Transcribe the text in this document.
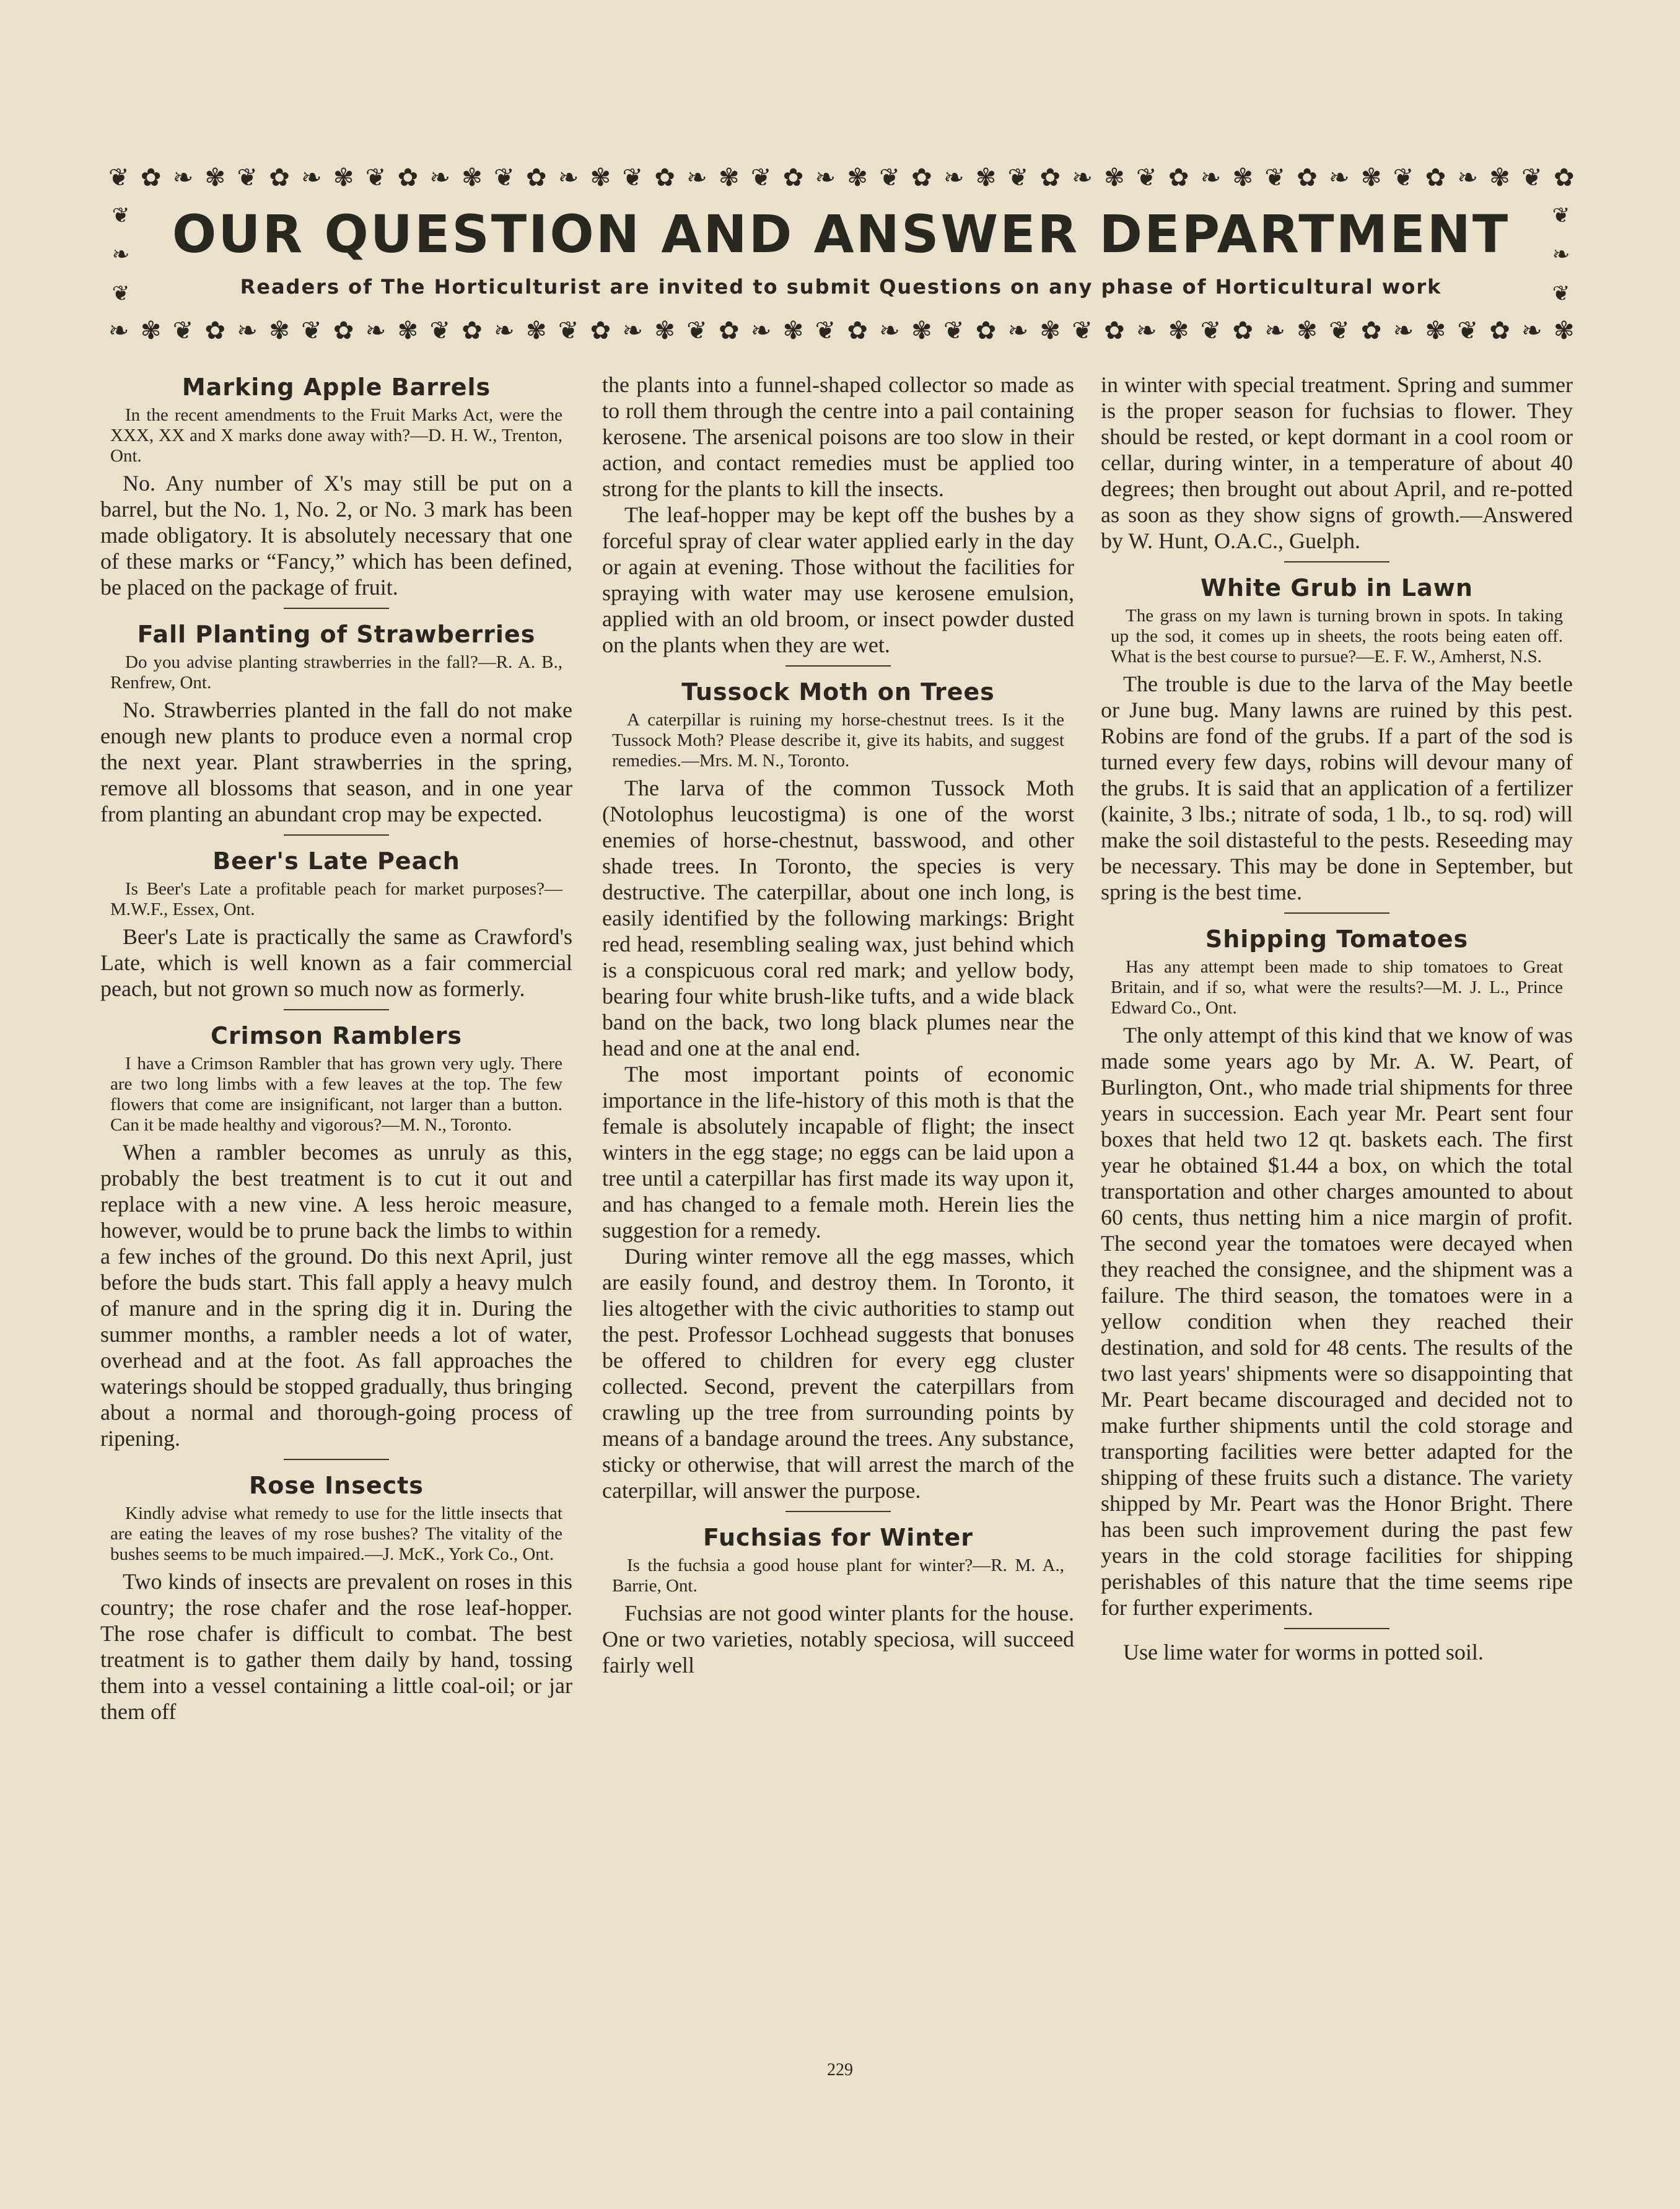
❦ ✿ ❧ ✾ ❦ ✿ ❧ ✾ ❦ ✿ ❧ ✾ ❦ ✿ ❧ ✾ ❦ ✿ ❧ ✾ ❦ ✿ ❧ ✾ ❦ ✿ ❧ ✾ ❦ ✿ ❧ ✾ ❦ ✿ ❧ ✾ ❦ ✿ ❧ ✾ ❦ ✿ ❧ ✾ ❦ ✿
❦
❧
❦
❦
❧
❦
OUR QUESTION AND ANSWER DEPARTMENT
Readers of The Horticulturist are invited to submit Questions on any phase of Horticultural work
❧ ✾ ❦ ✿ ❧ ✾ ❦ ✿ ❧ ✾ ❦ ✿ ❧ ✾ ❦ ✿ ❧ ✾ ❦ ✿ ❧ ✾ ❦ ✿ ❧ ✾ ❦ ✿ ❧ ✾ ❦ ✿ ❧ ✾ ❦ ✿ ❧ ✾ ❦ ✿ ❧ ✾ ❦ ✿ ❧ ✾
Marking Apple Barrels

In the recent amendments to the Fruit Marks Act, were the XXX, XX and X marks done away with?—D. H. W., Trenton, Ont.

No. Any number of X's may still be put on a barrel, but the No. 1, No. 2, or No. 3 mark has been made obligatory. It is absolutely necessary that one of these marks or “Fancy,” which has been defined, be placed on the package of fruit.

Fall Planting of Strawberries

Do you advise planting strawberries in the fall?—R. A. B., Renfrew, Ont.

No. Strawberries planted in the fall do not make enough new plants to produce even a normal crop the next year. Plant strawberries in the spring, remove all blossoms that season, and in one year from planting an abundant crop may be expected.

Beer's Late Peach

Is Beer's Late a profitable peach for market purposes?—M.W.F., Essex, Ont.

Beer's Late is practically the same as Crawford's Late, which is well known as a fair commercial peach, but not grown so much now as formerly.

Crimson Ramblers

I have a Crimson Rambler that has grown very ugly. There are two long limbs with a few leaves at the top. The few flowers that come are insignificant, not larger than a button. Can it be made healthy and vigorous?—M. N., Toronto.

When a rambler becomes as unruly as this, probably the best treatment is to cut it out and replace with a new vine. A less heroic measure, however, would be to prune back the limbs to within a few inches of the ground. Do this next April, just before the buds start. This fall apply a heavy mulch of manure and in the spring dig it in. During the summer months, a rambler needs a lot of water, overhead and at the foot. As fall approaches the waterings should be stopped gradually, thus bringing about a normal and thorough-going process of ripening.

Rose Insects

Kindly advise what remedy to use for the little insects that are eating the leaves of my rose bushes? The vitality of the bushes seems to be much impaired.—J. McK., York Co., Ont.

Two kinds of insects are prevalent on roses in this country; the rose chafer and the rose leaf-hopper. The rose chafer is difficult to combat. The best treatment is to gather them daily by hand, tossing them into a vessel containing a little coal-oil; or jar them off

the plants into a funnel-shaped collector so made as to roll them through the centre into a pail containing kerosene. The arsenical poisons are too slow in their action, and contact remedies must be applied too strong for the plants to kill the insects.

The leaf-hopper may be kept off the bushes by a forceful spray of clear water applied early in the day or again at evening. Those without the facilities for spraying with water may use kerosene emulsion, applied with an old broom, or insect powder dusted on the plants when they are wet.

Tussock Moth on Trees

A caterpillar is ruining my horse-chestnut trees. Is it the Tussock Moth? Please describe it, give its habits, and suggest remedies.—Mrs. M. N., Toronto.

The larva of the common Tussock Moth (Notolophus leucostigma) is one of the worst enemies of horse-chestnut, basswood, and other shade trees. In Toronto, the species is very destructive. The caterpillar, about one inch long, is easily identified by the following markings: Bright red head, resembling sealing wax, just behind which is a conspicuous coral red mark; and yellow body, bearing four white brush-like tufts, and a wide black band on the back, two long black plumes near the head and one at the anal end.

The most important points of economic importance in the life-history of this moth is that the female is absolutely incapable of flight; the insect winters in the egg stage; no eggs can be laid upon a tree until a caterpillar has first made its way upon it, and has changed to a female moth. Herein lies the suggestion for a remedy.

During winter remove all the egg masses, which are easily found, and destroy them. In Toronto, it lies altogether with the civic authorities to stamp out the pest. Professor Lochhead suggests that bonuses be offered to children for every egg cluster collected. Second, prevent the caterpillars from crawling up the tree from surrounding points by means of a bandage around the trees. Any substance, sticky or otherwise, that will arrest the march of the caterpillar, will answer the purpose.

Fuchsias for Winter

Is the fuchsia a good house plant for winter?—R. M. A., Barrie, Ont.

Fuchsias are not good winter plants for the house. One or two varieties, notably speciosa, will succeed fairly well

in winter with special treatment. Spring and summer is the proper season for fuchsias to flower. They should be rested, or kept dormant in a cool room or cellar, during winter, in a temperature of about 40 degrees; then brought out about April, and re-potted as soon as they show signs of growth.—Answered by W. Hunt, O.A.C., Guelph.

White Grub in Lawn

The grass on my lawn is turning brown in spots. In taking up the sod, it comes up in sheets, the roots being eaten off. What is the best course to pursue?—E. F. W., Amherst, N.S.

The trouble is due to the larva of the May beetle or June bug. Many lawns are ruined by this pest. Robins are fond of the grubs. If a part of the sod is turned every few days, robins will devour many of the grubs. It is said that an application of a fertilizer (kainite, 3 lbs.; nitrate of soda, 1 lb., to sq. rod) will make the soil distasteful to the pests. Reseeding may be necessary. This may be done in September, but spring is the best time.

Shipping Tomatoes

Has any attempt been made to ship tomatoes to Great Britain, and if so, what were the results?—M. J. L., Prince Edward Co., Ont.

The only attempt of this kind that we know of was made some years ago by Mr. A. W. Peart, of Burlington, Ont., who made trial shipments for three years in succession. Each year Mr. Peart sent four boxes that held two 12 qt. baskets each. The first year he obtained $1.44 a box, on which the total transportation and other charges amounted to about 60 cents, thus netting him a nice margin of profit. The second year the tomatoes were decayed when they reached the consignee, and the shipment was a failure. The third season, the tomatoes were in a yellow condition when they reached their destination, and sold for 48 cents. The results of the two last years' shipments were so disappointing that Mr. Peart became discouraged and decided not to make further shipments until the cold storage and transporting facilities were better adapted for the shipping of these fruits such a distance. The variety shipped by Mr. Peart was the Honor Bright. There has been such improvement during the past few years in the cold storage facilities for shipping perishables of this nature that the time seems ripe for further experiments.

Use lime water for worms in potted soil.

229
